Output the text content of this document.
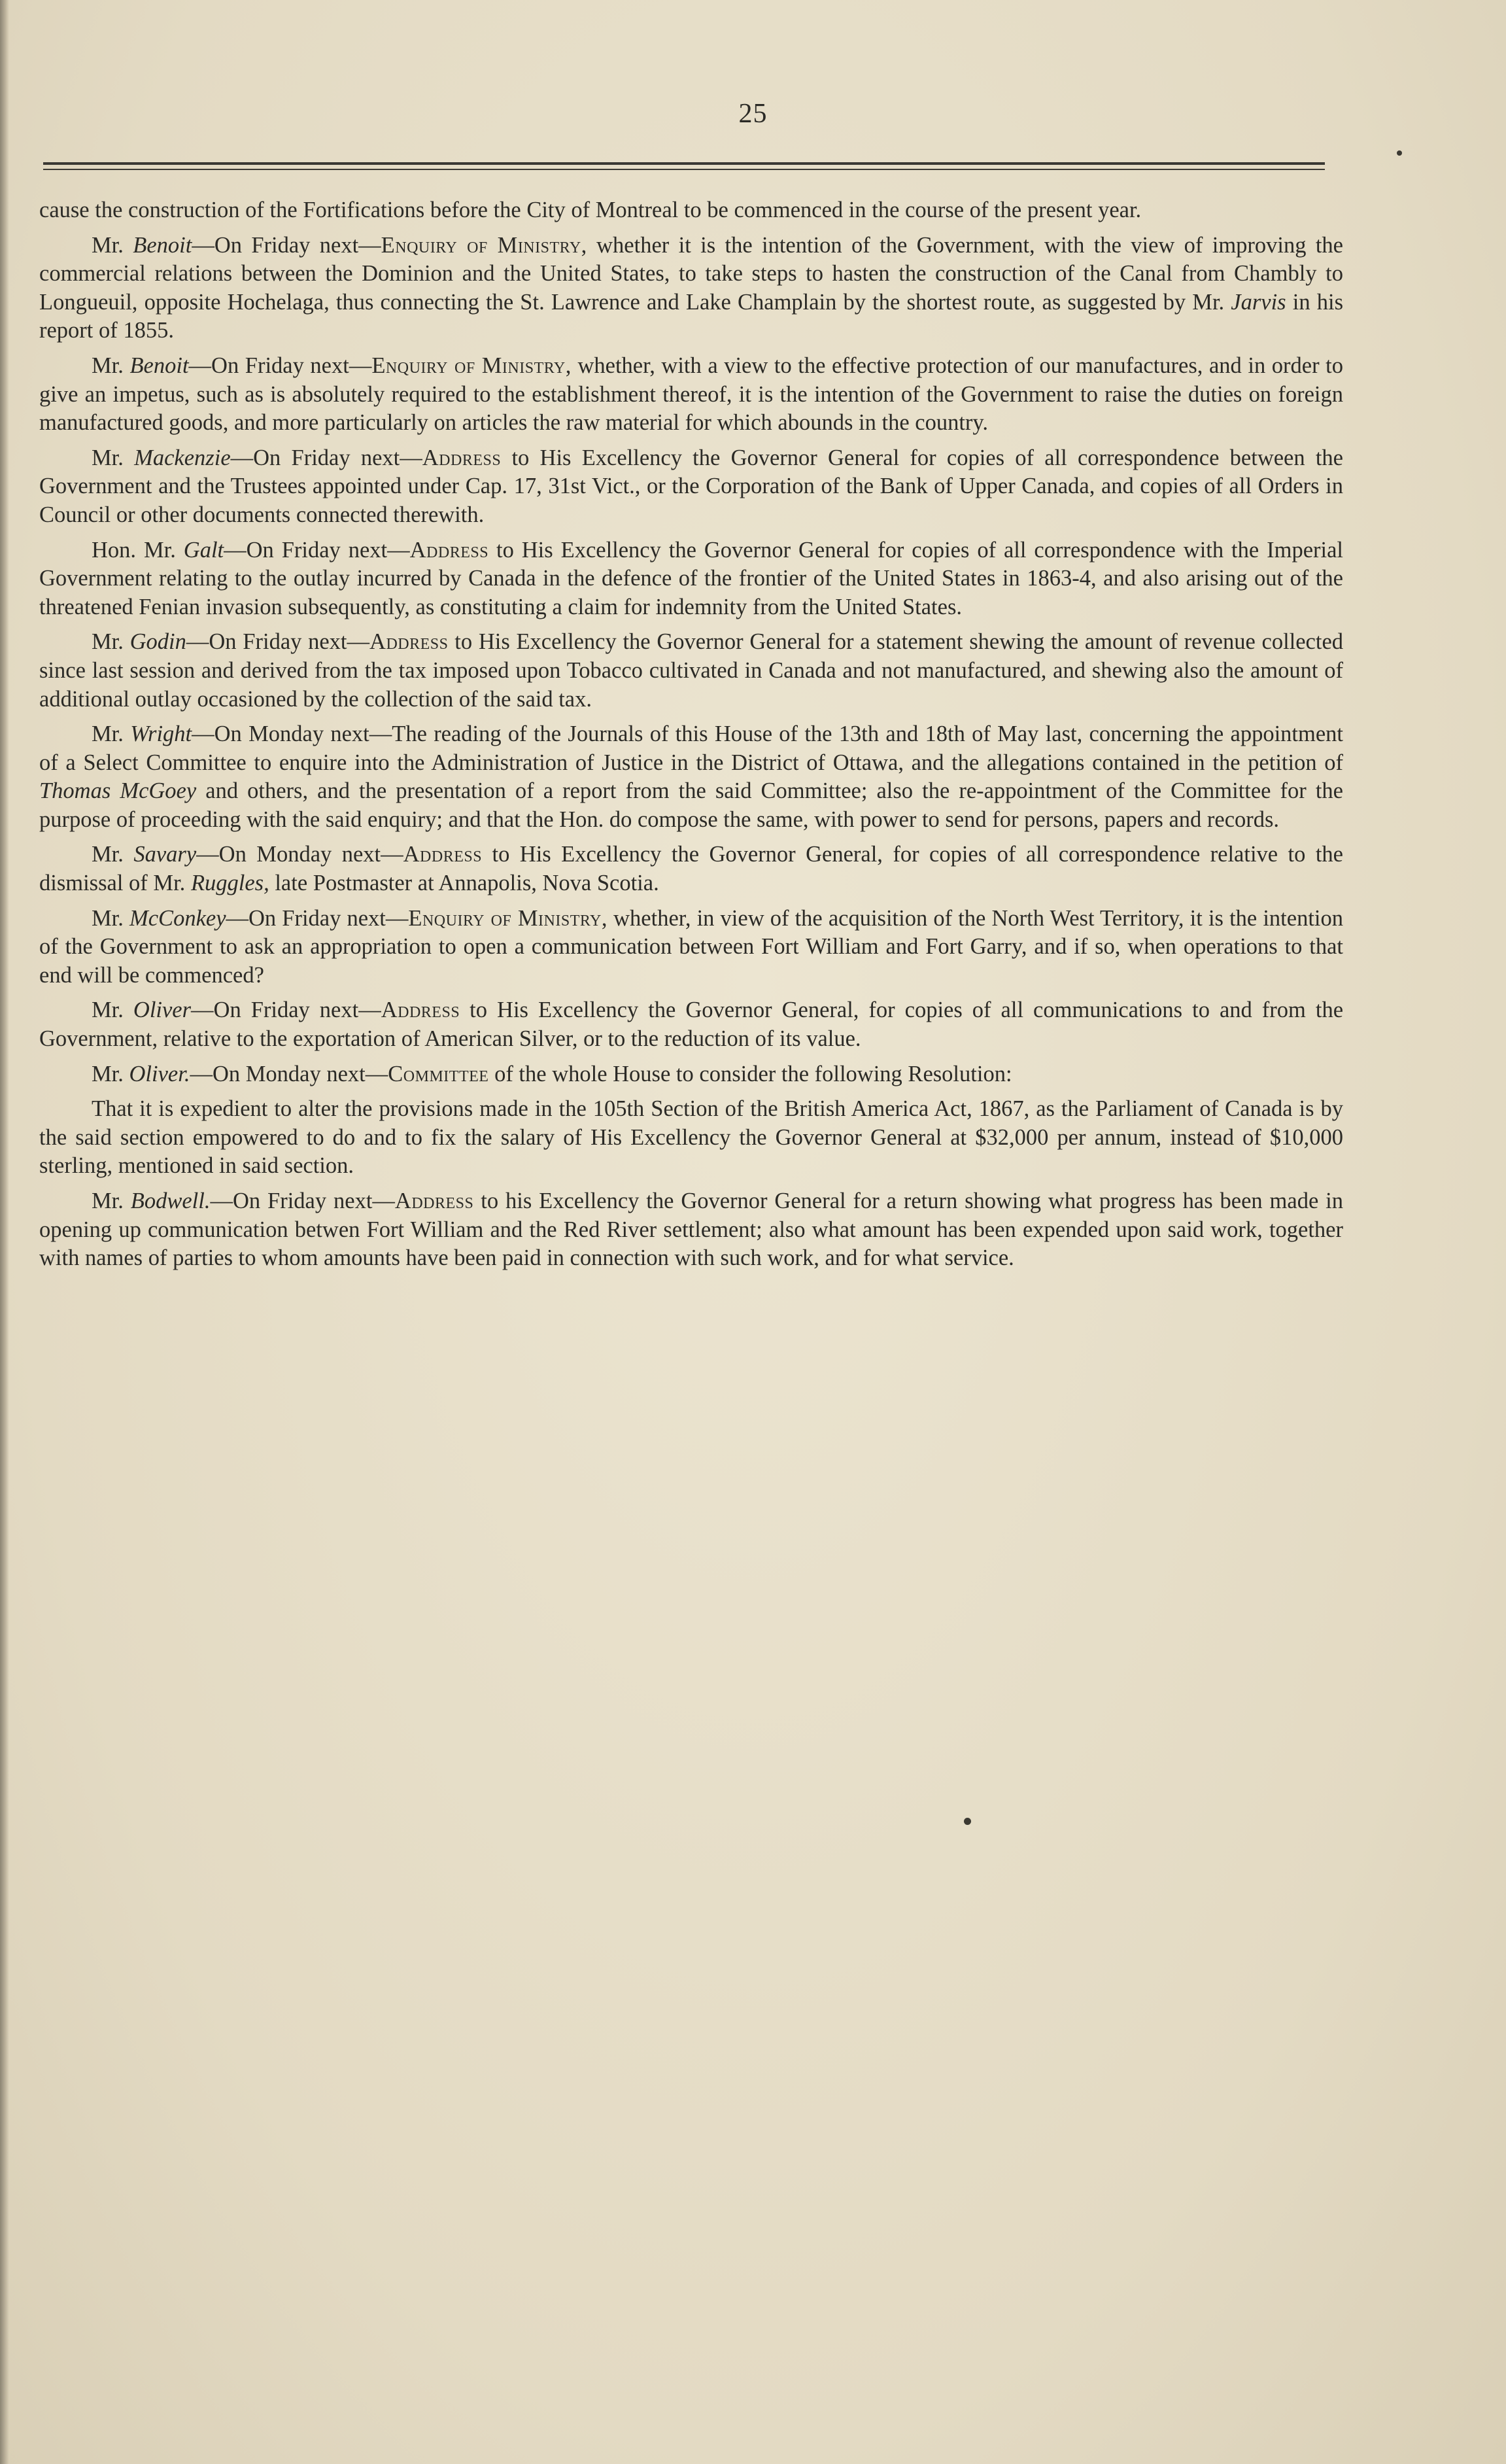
25

cause the construction of the Fortifications before the City of Montreal to be commenced in the course of the present year.

Mr. Benoit—On Friday next—Enquiry of Ministry, whether it is the intention of the Government, with the view of improving the commercial relations between the Dominion and the United States, to take steps to hasten the construction of the Canal from Chambly to Longueuil, opposite Hochelaga, thus connecting the St. Lawrence and Lake Champlain by the shortest route, as suggested by Mr. Jarvis in his report of 1855.

Mr. Benoit—On Friday next—Enquiry of Ministry, whether, with a view to the effective protection of our manufactures, and in order to give an impetus, such as is absolutely required to the establishment thereof, it is the intention of the Government to raise the duties on foreign manufactured goods, and more particularly on articles the raw material for which abounds in the country.

Mr. Mackenzie—On Friday next—Address to His Excellency the Governor General for copies of all correspondence between the Government and the Trustees appointed under Cap. 17, 31st Vict., or the Corporation of the Bank of Upper Canada, and copies of all Orders in Council or other documents connected therewith.

Hon. Mr. Galt—On Friday next—Address to His Excellency the Governor General for copies of all correspondence with the Imperial Government relating to the outlay incurred by Canada in the defence of the frontier of the United States in 1863-4, and also arising out of the threatened Fenian invasion subsequently, as constituting a claim for indemnity from the United States.

Mr. Godin—On Friday next—Address to His Excellency the Governor General for a statement shewing the amount of revenue collected since last session and derived from the tax imposed upon Tobacco cultivated in Canada and not manufactured, and shewing also the amount of additional outlay occasioned by the collection of the said tax.

Mr. Wright—On Monday next—The reading of the Journals of this House of the 13th and 18th of May last, concerning the appointment of a Select Committee to enquire into the Administration of Justice in the District of Ottawa, and the allegations contained in the petition of Thomas McGoey and others, and the presentation of a report from the said Committee; also the re-appointment of the Committee for the purpose of proceeding with the said enquiry; and that the Hon. do compose the same, with power to send for persons, papers and records.

Mr. Savary—On Monday next—Address to His Excellency the Governor General, for copies of all correspondence relative to the dismissal of Mr. Ruggles, late Postmaster at Annapolis, Nova Scotia.

Mr. McConkey—On Friday next—Enquiry of Ministry, whether, in view of the acquisition of the North West Territory, it is the intention of the Government to ask an appropriation to open a communication between Fort William and Fort Garry, and if so, when operations to that end will be commenced?

Mr. Oliver—On Friday next—Address to His Excellency the Governor General, for copies of all communications to and from the Government, relative to the exportation of American Silver, or to the reduction of its value.

Mr. Oliver.—On Monday next—Committee of the whole House to consider the following Resolution:

That it is expedient to alter the provisions made in the 105th Section of the British America Act, 1867, as the Parliament of Canada is by the said section empowered to do and to fix the salary of His Excellency the Governor General at $32,000 per annum, instead of $10,000 sterling, mentioned in said section.

Mr. Bodwell.—On Friday next—Address to his Excellency the Governor General for a return showing what progress has been made in opening up communication betwen Fort William and the Red River settlement; also what amount has been expended upon said work, together with names of parties to whom amounts have been paid in connection with such work, and for what service.
